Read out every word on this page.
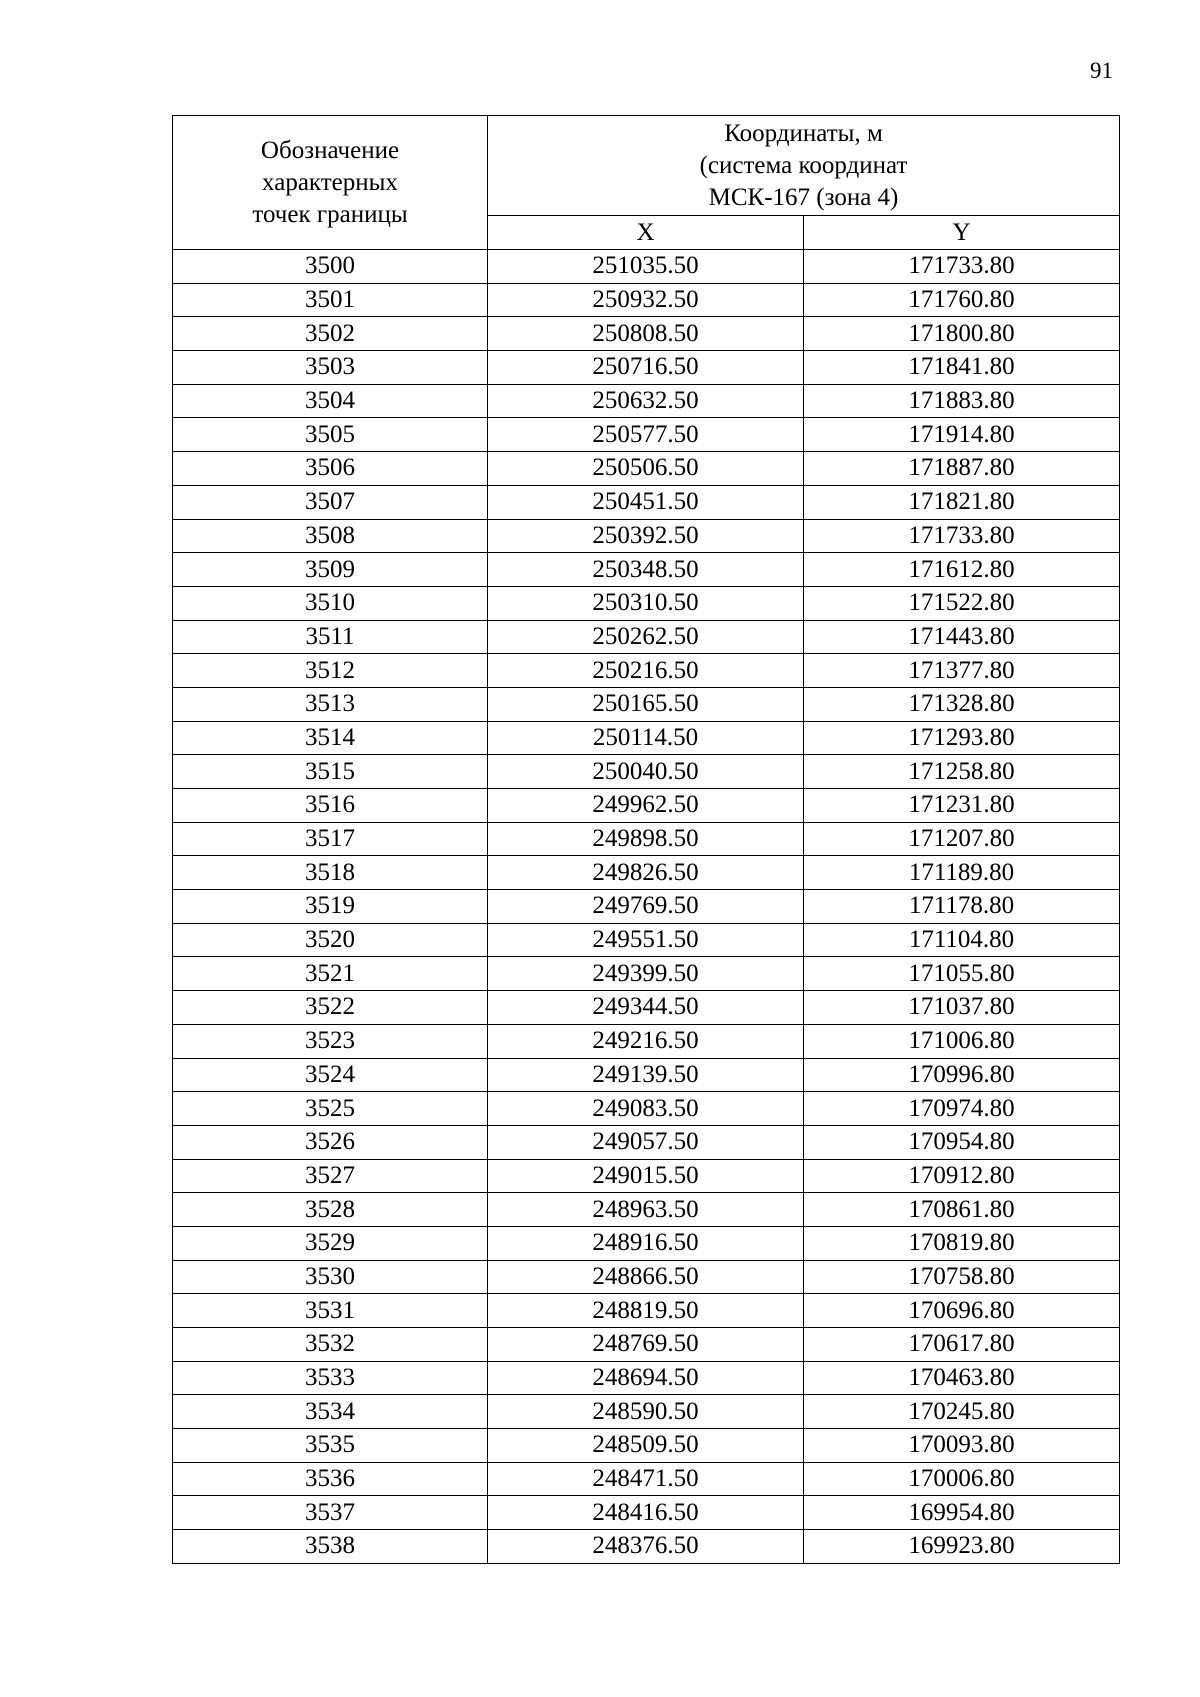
91
Обозначение
характерных
точек границы	Координаты, м
(система координат
МСК-167 (зона 4)	

	X	Y
3500	251035.50	171733.80
3501	250932.50	171760.80
3502	250808.50	171800.80
3503	250716.50	171841.80
3504	250632.50	171883.80
3505	250577.50	171914.80
3506	250506.50	171887.80
3507	250451.50	171821.80
3508	250392.50	171733.80
3509	250348.50	171612.80
3510	250310.50	171522.80
3511	250262.50	171443.80
3512	250216.50	171377.80
3513	250165.50	171328.80
3514	250114.50	171293.80
3515	250040.50	171258.80
3516	249962.50	171231.80
3517	249898.50	171207.80
3518	249826.50	171189.80
3519	249769.50	171178.80
3520	249551.50	171104.80
3521	249399.50	171055.80
3522	249344.50	171037.80
3523	249216.50	171006.80
3524	249139.50	170996.80
3525	249083.50	170974.80
3526	249057.50	170954.80
3527	249015.50	170912.80
3528	248963.50	170861.80
3529	248916.50	170819.80
3530	248866.50	170758.80
3531	248819.50	170696.80
3532	248769.50	170617.80
3533	248694.50	170463.80
3534	248590.50	170245.80
3535	248509.50	170093.80
3536	248471.50	170006.80
3537	248416.50	169954.80
3538	248376.50	169923.80
